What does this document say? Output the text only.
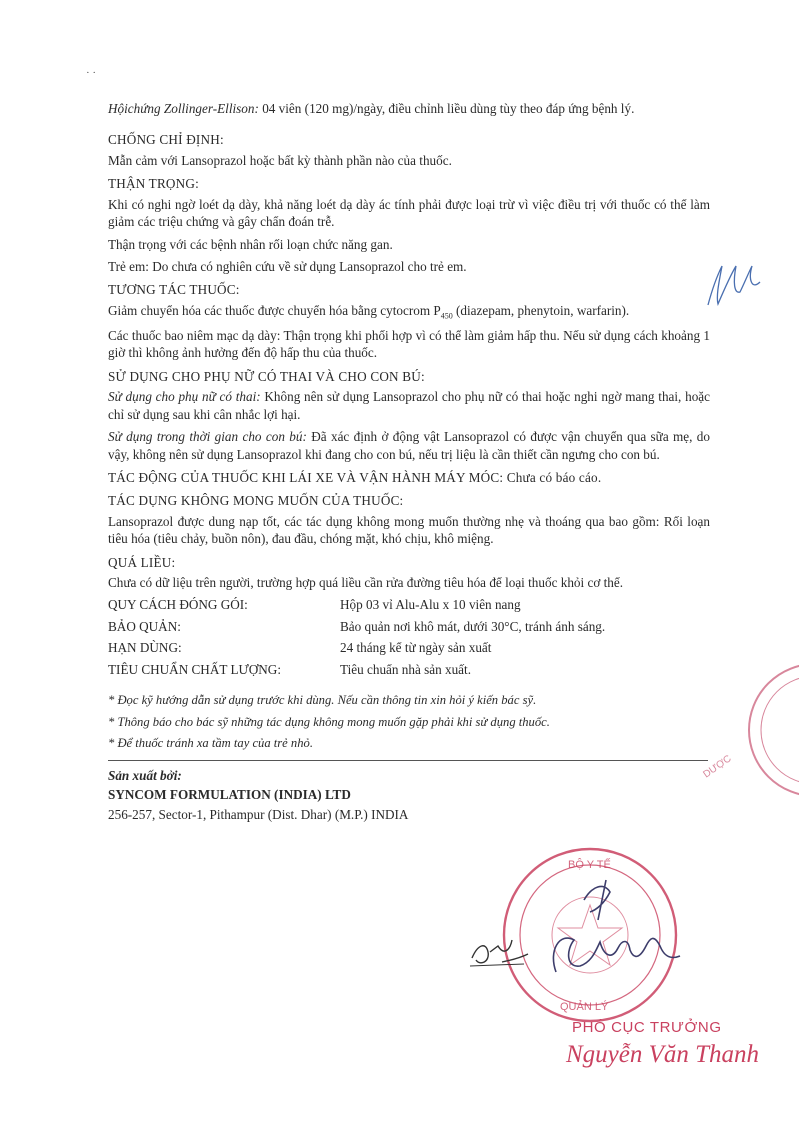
· ·

Hộichứng Zollinger-Ellison: 04 viên (120 mg)/ngày, điều chỉnh liều dùng tùy theo đáp ứng bệnh lý.

CHỐNG CHỈ ĐỊNH:

Mẫn cảm với Lansoprazol hoặc bất kỳ thành phần nào của thuốc.

THẬN TRỌNG:

Khi có nghi ngờ loét dạ dày, khả năng loét dạ dày ác tính phải được loại trừ vì việc điều trị với thuốc có thể làm giảm các triệu chứng và gây chẩn đoán trễ.

Thận trọng với các bệnh nhân rối loạn chức năng gan.

Trẻ em: Do chưa có nghiên cứu về sử dụng Lansoprazol cho trẻ em.

TƯƠNG TÁC THUỐC:

Giảm chuyển hóa các thuốc được chuyển hóa bằng cytocrom $P_{450}$ (diazepam, phenytoin, warfarin).

Các thuốc bao niêm mạc dạ dày: Thận trọng khi phối hợp vì có thể làm giảm hấp thu. Nếu sử dụng cách khoảng 1 giờ thì không ảnh hưởng đến độ hấp thu của thuốc.

SỬ DỤNG CHO PHỤ NỮ CÓ THAI VÀ CHO CON BÚ:

Sử dụng cho phụ nữ có thai: Không nên sử dụng Lansoprazol cho phụ nữ có thai hoặc nghi ngờ mang thai, hoặc chỉ sử dụng sau khi cân nhắc lợi hại.

Sử dụng trong thời gian cho con bú: Đã xác định ở động vật Lansoprazol có được vận chuyển qua sữa mẹ, do vậy, không nên sử dụng Lansoprazol khi đang cho con bú, nếu trị liệu là cần thiết cần ngưng cho con bú.

TÁC ĐỘNG CỦA THUỐC KHI LÁI XE VÀ VẬN HÀNH MÁY MÓC: Chưa có báo cáo.

TÁC DỤNG KHÔNG MONG MUỐN CỦA THUỐC:

Lansoprazol được dung nạp tốt, các tác dụng không mong muốn thường nhẹ và thoáng qua bao gồm: Rối loạn tiêu hóa (tiêu chảy, buồn nôn), đau đầu, chóng mặt, khó chịu, khô miệng.

QUÁ LIỀU:

Chưa có dữ liệu trên người, trường hợp quá liều cần rửa đường tiêu hóa để loại thuốc khỏi cơ thể.

QUY CÁCH ĐÓNG GÓI:	Hộp 03 vỉ Alu-Alu x 10 viên nang
BẢO QUẢN:	Bảo quản nơi khô mát, dưới 30°C, tránh ánh sáng.
HẠN DÙNG:	24 tháng kể từ ngày sản xuất
TIÊU CHUẨN CHẤT LƯỢNG:	Tiêu chuẩn nhà sản xuất.

* Đọc kỹ hướng dẫn sử dụng trước khi dùng. Nếu cần thông tin xin hỏi ý kiến bác sỹ.

* Thông báo cho bác sỹ những tác dụng không mong muốn gặp phải khi sử dụng thuốc.

* Để thuốc tránh xa tầm tay của trẻ nhỏ.

Sản xuất bởi:

SYNCOM FORMULATION (INDIA) LTD

256-257, Sector-1, Pithampur (Dist. Dhar) (M.P.) INDIA

DƯỢC
BỘ Y TẾ
QUẢN LÝ
PHÓ CỤC TRƯỞNG
Nguyễn Văn Thanh
